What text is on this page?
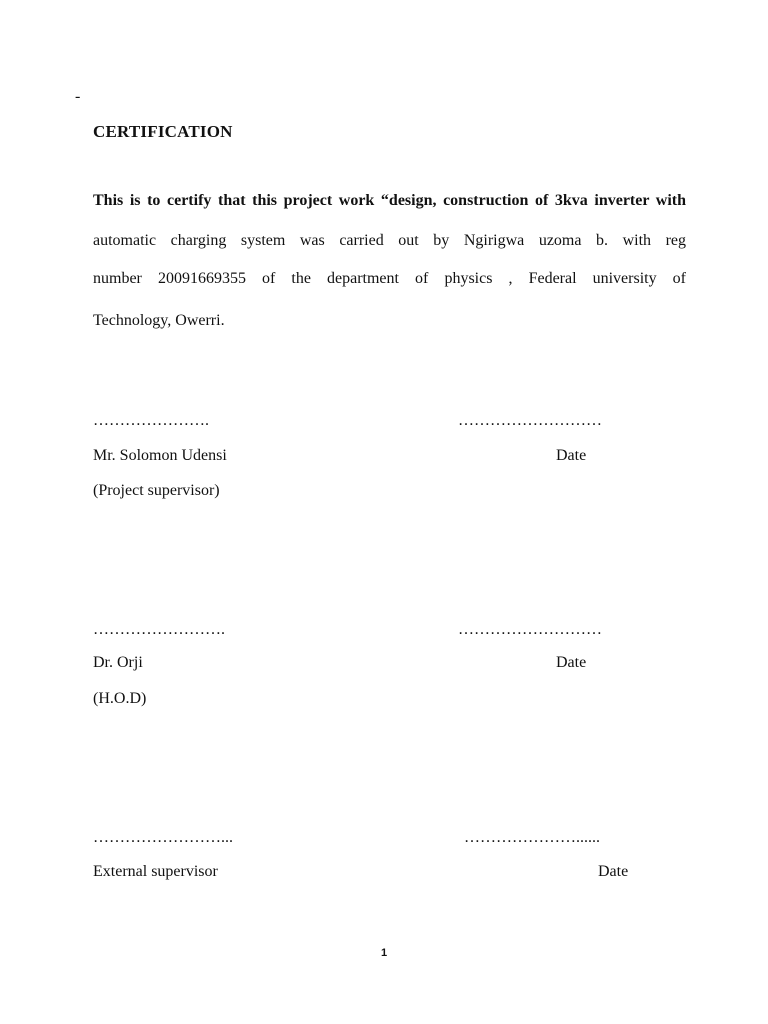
-
CERTIFICATION
This is to certify that this project work “design, construction of 3kva inverter with
automatic charging system was carried out by Ngirigwa uzoma b. with reg
number 20091669355 of the department of physics , Federal university of
Technology, Owerri.
………………….	………………………
Mr. Solomon Udensi	Date
(Project supervisor)
…………………….	………………………
Dr. Orji	Date
(H.O.D)
……………………...	…………………......
External supervisor	Date
1
